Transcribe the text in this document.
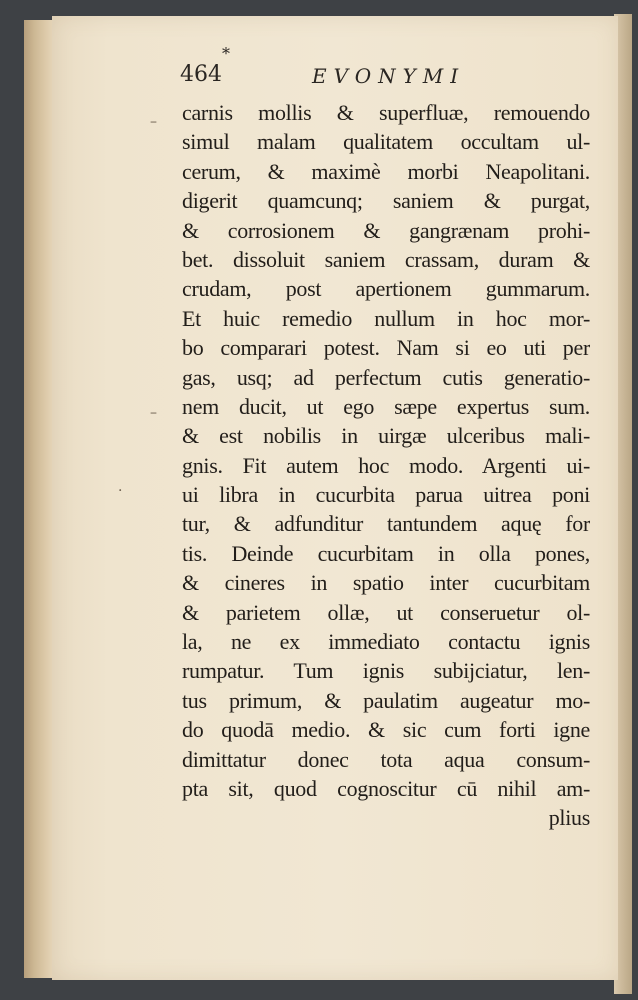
*
464	EVONYMI
–
–
·
carnis mollis & superfluæ, remouendo
simul malam qualitatem occultam ul-
cerum, & maximè morbi Neapolitani.
digerit quamcunq; saniem & purgat,
& corrosionem & gangrænam prohi-
bet. dissoluit saniem crassam, duram &
crudam, post apertionem gummarum.
Et huic remedio nullum in hoc mor-
bo comparari potest. Nam si eo uti per
gas, usq; ad perfectum cutis generatio-
nem ducit, ut ego sæpe expertus sum.
& est nobilis in uirgæ ulceribus mali-
gnis. Fit autem hoc modo. Argenti ui-
ui libra in cucurbita parua uitrea poni
tur, & adfunditur tantundem aquę for
tis. Deinde cucurbitam in olla pones,
& cineres in spatio inter cucurbitam
& parietem ollæ, ut conseruetur ol-
la, ne ex immediato contactu ignis
rumpatur. Tum ignis subijciatur, len-
tus primum, & paulatim augeatur mo-
do quodā medio. & sic cum forti igne
dimittatur donec tota aqua consum-
pta sit, quod cognoscitur cū nihil am-
plius
